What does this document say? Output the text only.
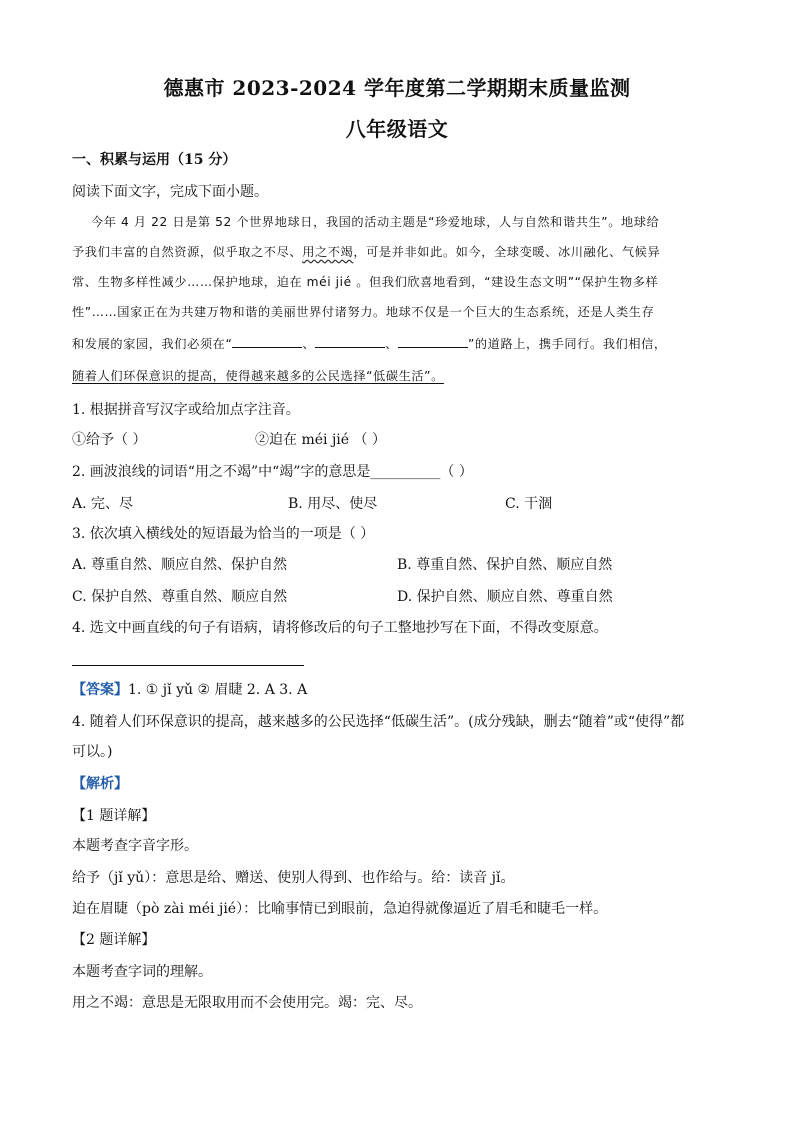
德惠市 2023-2024 学年度第二学期期末质量监测
八年级语文
一、积累与运用（15 分）
阅读下面文字，完成下面小题。
今年 4 月 22 日是第 52 个世界地球日，我国的活动主题是“珍爱地球，人与自然和谐共生”。地球给
予我们丰富的自然资源，似乎取之不尽、用之不竭，可是并非如此。如今，全球变暖、冰川融化、气候异
常、生物多样性减少……保护地球，迫在 méi jié 。但我们欣喜地看到，“建设生态文明”“保护生物多样
性”……国家正在为共建万物和谐的美丽世界付诸努力。地球不仅是一个巨大的生态系统，还是人类生存
和发展的家园，我们必须在“	、	、	”的道路上，携手同行。我们相信，
随着人们环保意识的提高，使得越来越多的公民选择“低碳生活”。
1. 根据拼音写汉字或给加点字注音。
①给予（ ）	②迫在 méi jié （ ）
2. 画波浪线的词语“用之不竭”中“竭”字的意思是__________（ ）
A. 完、尽	B. 用尽、使尽	C. 干涸
3. 依次填入横线处的短语最为恰当的一项是（ ）
A. 尊重自然、顺应自然、保护自然	B. 尊重自然、保护自然、顺应自然
C. 保护自然、尊重自然、顺应自然	D. 保护自然、顺应自然、尊重自然
4. 选文中画直线的句子有语病，请将修改后的句子工整地抄写在下面，不得改变原意。
【答案】1. ① jǐ yǔ ② 眉睫 2. A 3. A
4. 随着人们环保意识的提高，越来越多的公民选择“低碳生活”。(成分残缺，删去“随着”或“使得”都
可以。)
【解析】
【1 题详解】
本题考查字音字形。
给予（jǐ yǔ）：意思是给、赠送、使别人得到、也作给与。给：读音 jǐ。
迫在眉睫（pò zài méi jié）：比喻事情已到眼前，急迫得就像逼近了眉毛和睫毛一样。
【2 题详解】
本题考查字词的理解。
用之不竭：意思是无限取用而不会使用完。竭：完、尽。
